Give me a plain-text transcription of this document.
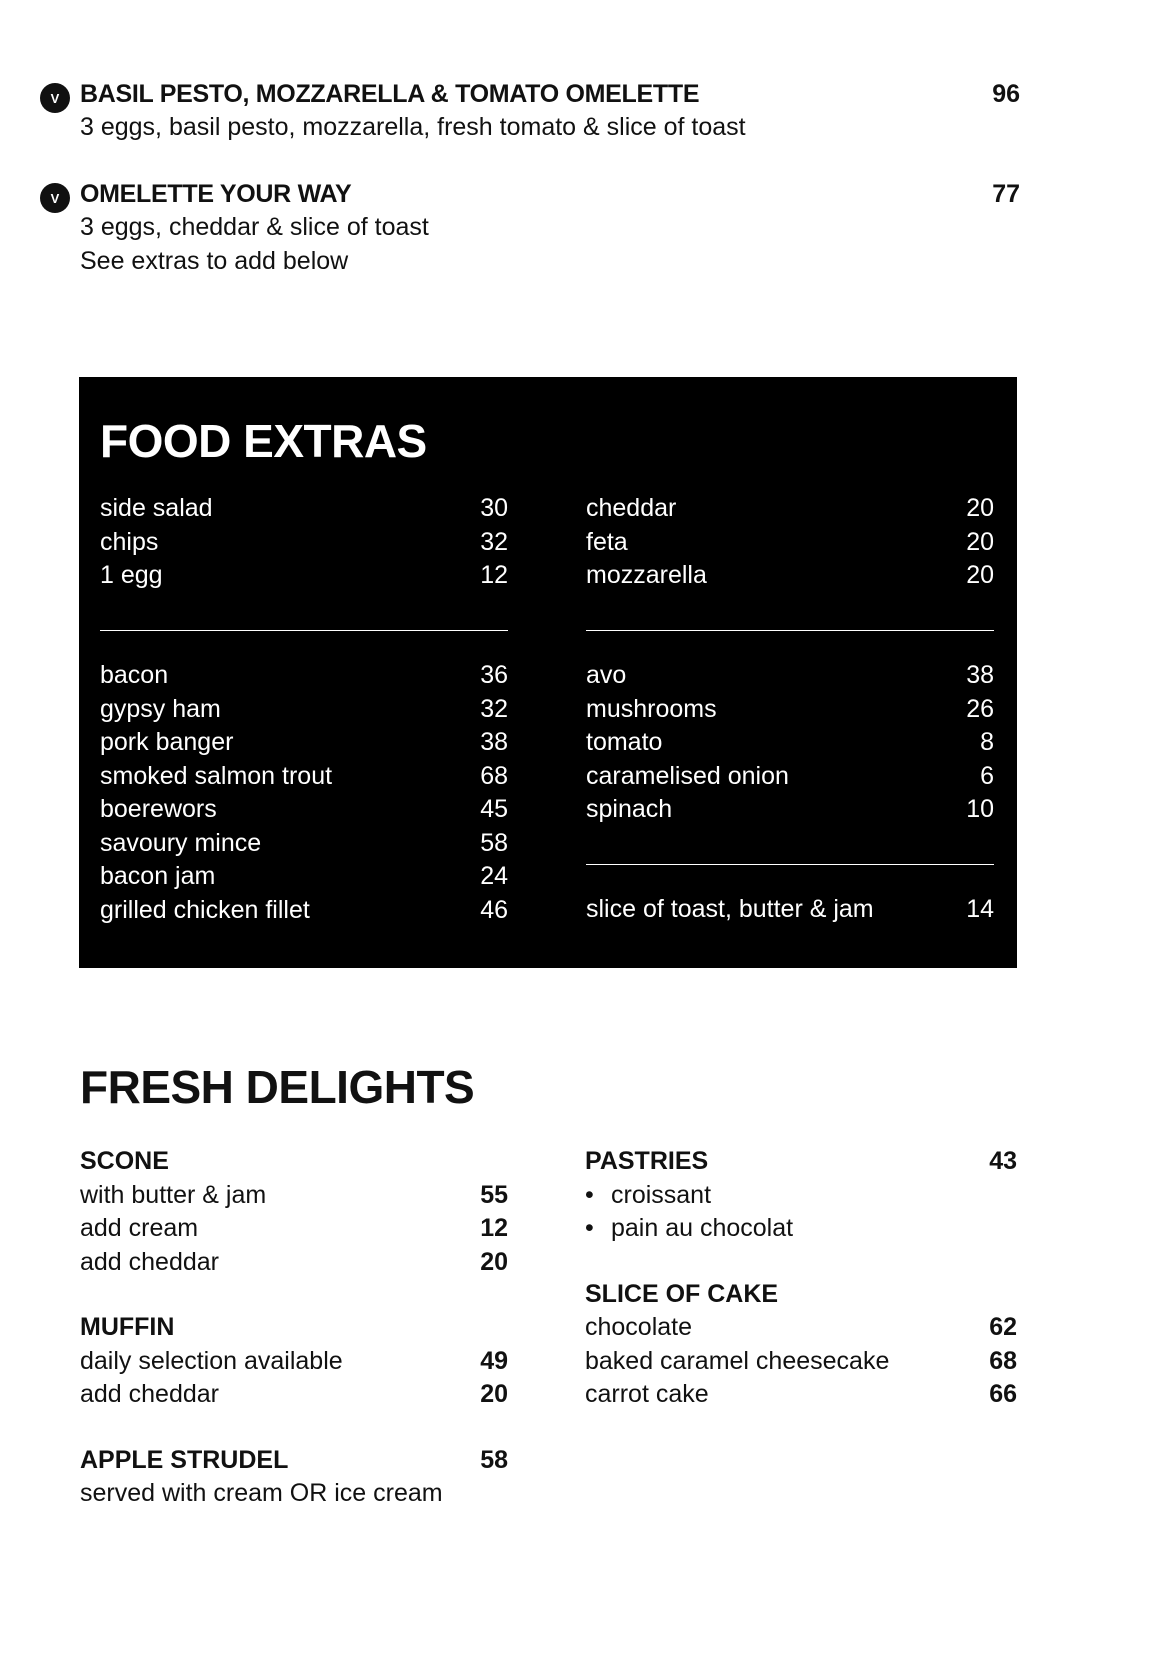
V BASIL PESTO, MOZZARELLA & TOMATO OMELETTE	96
3 eggs, basil pesto, mozzarella, fresh tomato & slice of toast
V OMELETTE YOUR WAY	77
3 eggs, cheddar & slice of toast
See extras to add below
FOOD EXTRAS
side salad	30
chips	32
1 egg	12
cheddar	20
feta	20
mozzarella	20
bacon	36
gypsy ham	32
pork banger	38
smoked salmon trout	68
boerewors	45
savoury mince	58
bacon jam	24
grilled chicken fillet	46
avo	38
mushrooms	26
tomato	8
caramelised onion	6
spinach	10
slice of toast, butter & jam	14
FRESH DELIGHTS
SCONE
with butter & jam	55
add cream	12
add cheddar	20
MUFFIN
daily selection available	49
add cheddar	20
APPLE STRUDEL	58
served with cream OR ice cream
PASTRIES	43
• croissant
• pain au chocolat
SLICE OF CAKE
chocolate	62
baked caramel cheesecake	68
carrot cake	66
